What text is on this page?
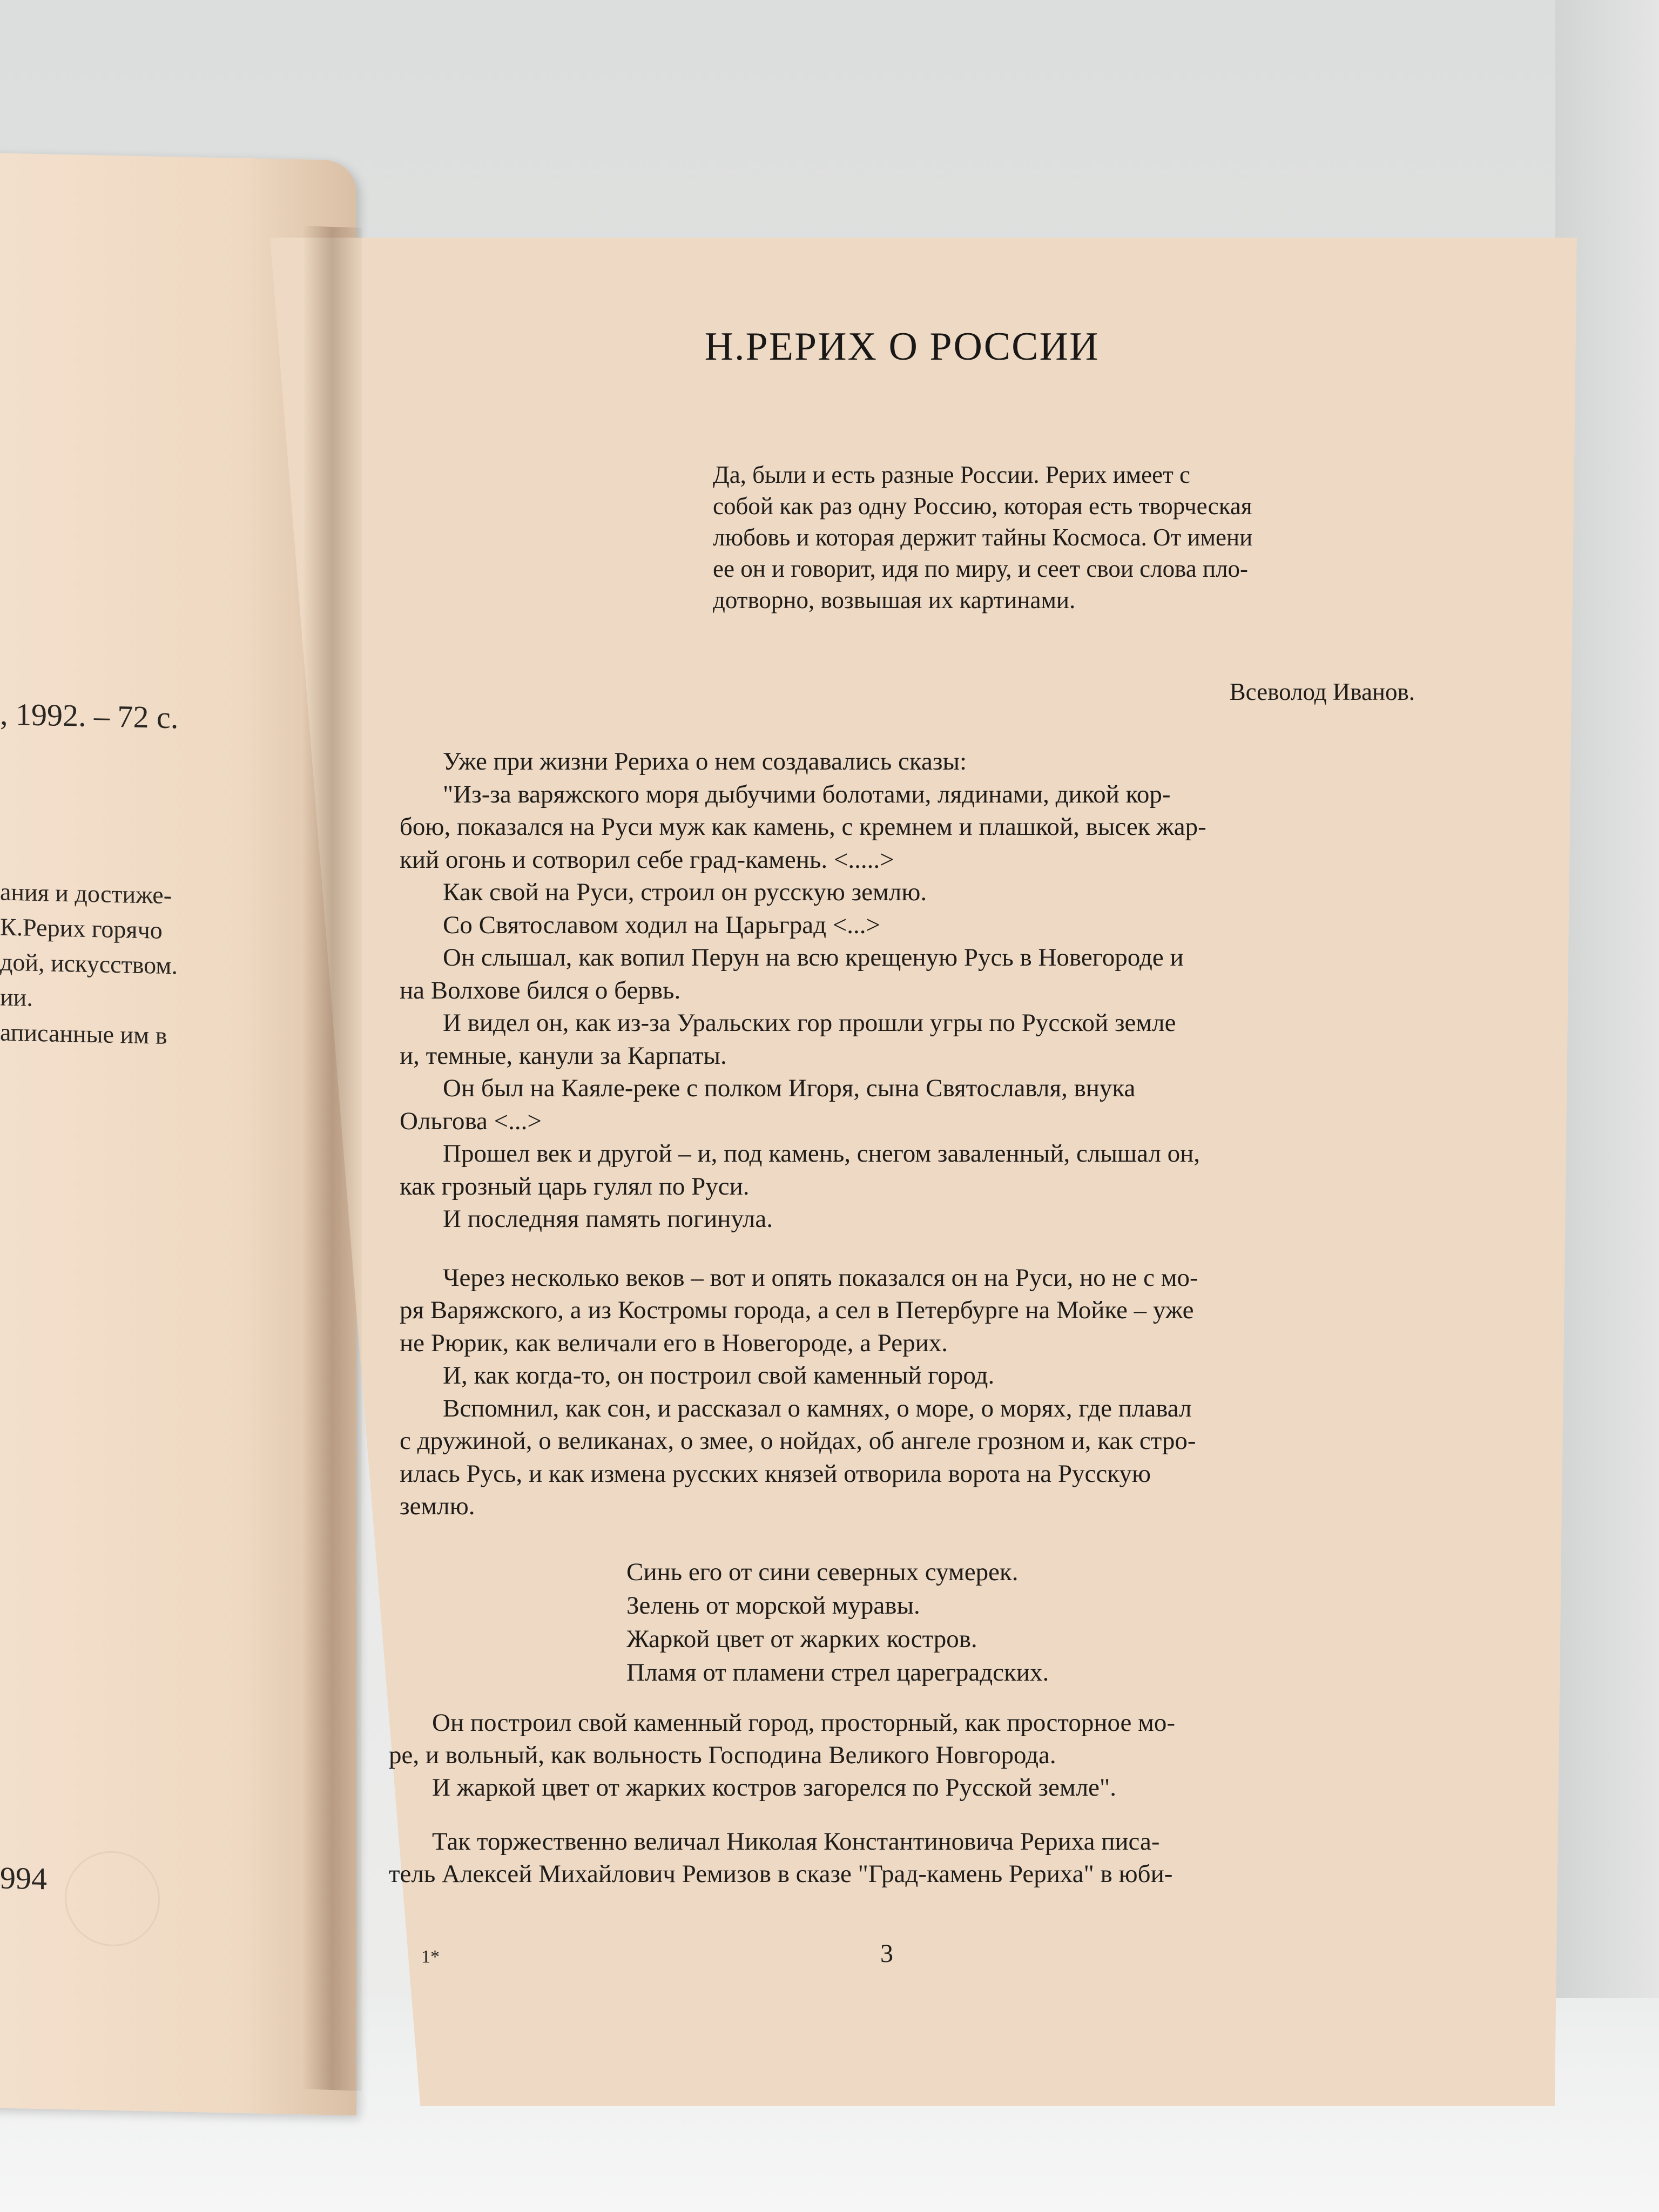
, 1992. – 72 с.
ания и достиже-
К.Рерих горячо
дой, искусством.
ии.
аписанные им в
994
Н.РЕРИХ О РОССИИ
Да, были и есть разные России. Рерих имеет с
собой как раз одну Россию, которая есть творческая
любовь и которая держит тайны Космоса. От имени
ее он и говорит, идя по миру, и сеет свои слова пло-
дотворно, возвышая их картинами.
Всеволод Иванов.
Уже при жизни Рериха о нем создавались сказы:
"Из-за варяжского моря дыбучими болотами, лядинами, дикой кор-
бою, показался на Руси муж как камень, с кремнем и плашкой, высек жар-
кий огонь и сотворил себе град-камень. <.....>
Как свой на Руси, строил он русскую землю.
Со Святославом ходил на Царьград <...>
Он слышал, как вопил Перун на всю крещеную Русь в Новегороде и
на Волхове бился о бервь.
И видел он, как из-за Уральских гор прошли угры по Русской земле
и, темные, канули за Карпаты.
Он был на Каяле-реке с полком Игоря, сына Святославля, внука
Ольгова <...>
Прошел век и другой – и, под камень, снегом заваленный, слышал он,
как грозный царь гулял по Руси.
И последняя память погинула.
Через несколько веков – вот и опять показался он на Руси, но не с мо-
ря Варяжского, а из Костромы города, а сел в Петербурге на Мойке – уже
не Рюрик, как величали его в Новегороде, а Рерих.
И, как когда-то, он построил свой каменный город.
Вспомнил, как сон, и рассказал о камнях, о море, о морях, где плавал
с дружиной, о великанах, о змее, о нойдах, об ангеле грозном и, как стро-
илась Русь, и как измена русских князей отворила ворота на Русскую
землю.
Синь его от сини северных сумерек.
Зелень от морской муравы.
Жаркой цвет от жарких костров.
Пламя от пламени стрел цареградских.
Он построил свой каменный город, просторный, как просторное мо-
ре, и вольный, как вольность Господина Великого Новгорода.
И жаркой цвет от жарких костров загорелся по Русской земле".
Так торжественно величал Николая Константиновича Рериха писа-
тель Алексей Михайлович Ремизов в сказе "Град-камень Рериха" в юби-
1*	3
